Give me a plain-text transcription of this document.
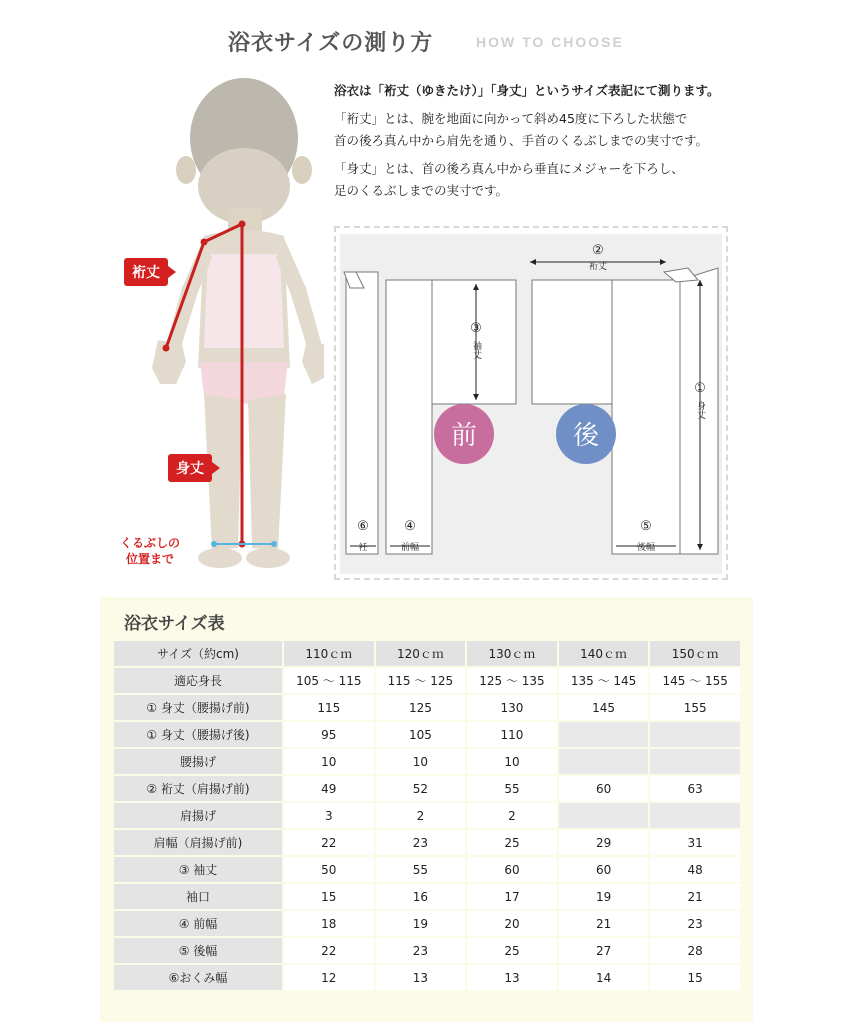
浴衣サイズの測り方	HOW TO CHOOSE
裄丈
身丈
くるぶしの
位置まで
浴衣は「裄丈（ゆきたけ）」「身丈」というサイズ表記にて測ります。

「裄丈」とは、腕を地面に向かって斜め45度に下ろした状態で
首の後ろ真ん中から肩先を通り、手首のくるぶしまでの実寸です。

「身丈」とは、首の後ろ真ん中から垂直にメジャーを下ろし、
足のくるぶしまでの実寸です。

前	後
②
裄丈
③
袖丈
①
身丈
⑥
衽
④
前幅
⑤
後幅
浴衣サイズ表
サイズ（約cm)	110ｃｍ	120ｃｍ	130ｃｍ	140ｃｍ	150ｃｍ
適応身長	105 ～ 115	115 ～ 125	125 ～ 135	135 ～ 145	145 ～ 155
① 身丈（腰揚げ前)	115	125	130	145	155
① 身丈（腰揚げ後)	95	105	110		
腰揚げ	10	10	10		
② 裄丈（肩揚げ前)	49	52	55	60	63
肩揚げ	3	2	2		
肩幅（肩揚げ前)	22	23	25	29	31
③ 袖丈	50	55	60	60	48
袖口	15	16	17	19	21
④ 前幅	18	19	20	21	23
⑤ 後幅	22	23	25	27	28
⑥おくみ幅	12	13	13	14	15
